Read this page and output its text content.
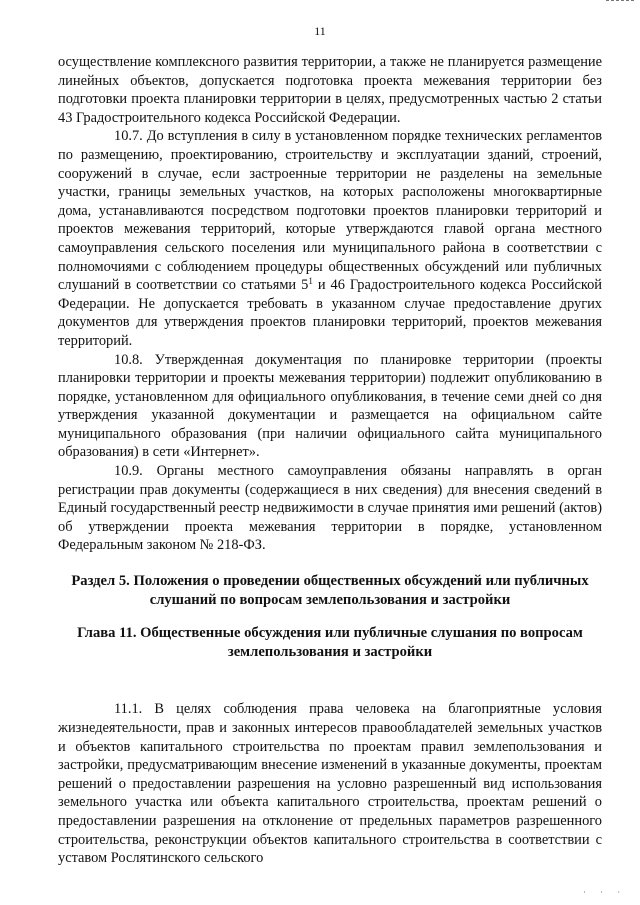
11

осуществление комплексного развития территории, а также не планируется размещение линейных объектов, допускается подготовка проекта межевания территории без подготовки проекта планировки территории в целях, предусмотренных частью 2 статьи 43 Градостроительного кодекса Российской Федерации.

10.7. До вступления в силу в установленном порядке технических регламентов по размещению, проектированию, строительству и эксплуатации зданий, строений, сооружений в случае, если застроенные территории не разделены на земельные участки, границы земельных участков, на которых расположены многоквартирные дома, устанавливаются посредством подготовки проектов планировки территорий и проектов межевания территорий, которые утверждаются главой органа местного самоуправления сельского поселения или муниципального района в соответствии с полномочиями с соблюдением процедуры общественных обсуждений или публичных слушаний в соответствии со статьями $5^1$ и 46 Градостроительного кодекса Российской Федерации. Не допускается требовать в указанном случае предоставление других документов для утверждения проектов планировки территорий, проектов межевания территорий.

10.8. Утвержденная документация по планировке территории (проекты планировки территории и проекты межевания территории) подлежит опубликованию в порядке, установленном для официального опубликования, в течение семи дней со дня утверждения указанной документации и размещается на официальном сайте муниципального образования (при наличии официального сайта муниципального образования) в сети «Интернет».

10.9. Органы местного самоуправления обязаны направлять в орган регистрации прав документы (содержащиеся в них сведения) для внесения сведений в Единый государственный реестр недвижимости в случае принятия ими решений (актов) об утверждении проекта межевания территории в порядке, установленном Федеральным законом № 218-ФЗ.

Раздел 5. Положения о проведении общественных обсуждений или публичных слушаний по вопросам землепользования и застройки

Глава 11. Общественные обсуждения или публичные слушания по вопросам землепользования и застройки

11.1. В целях соблюдения права человека на благоприятные условия жизнедеятельности, прав и законных интересов правообладателей земельных участков и объектов капитального строительства по проектам правил землепользования и застройки, предусматривающим внесение изменений в указанные документы, проектам решений о предоставлении разрешения на условно разрешенный вид использования земельного участка или объекта капитального строительства, проектам решений о предоставлении разрешения на отклонение от предельных параметров разрешенного строительства, реконструкции объектов капитального строительства в соответствии с уставом Рослятинского сельского

· · ·
